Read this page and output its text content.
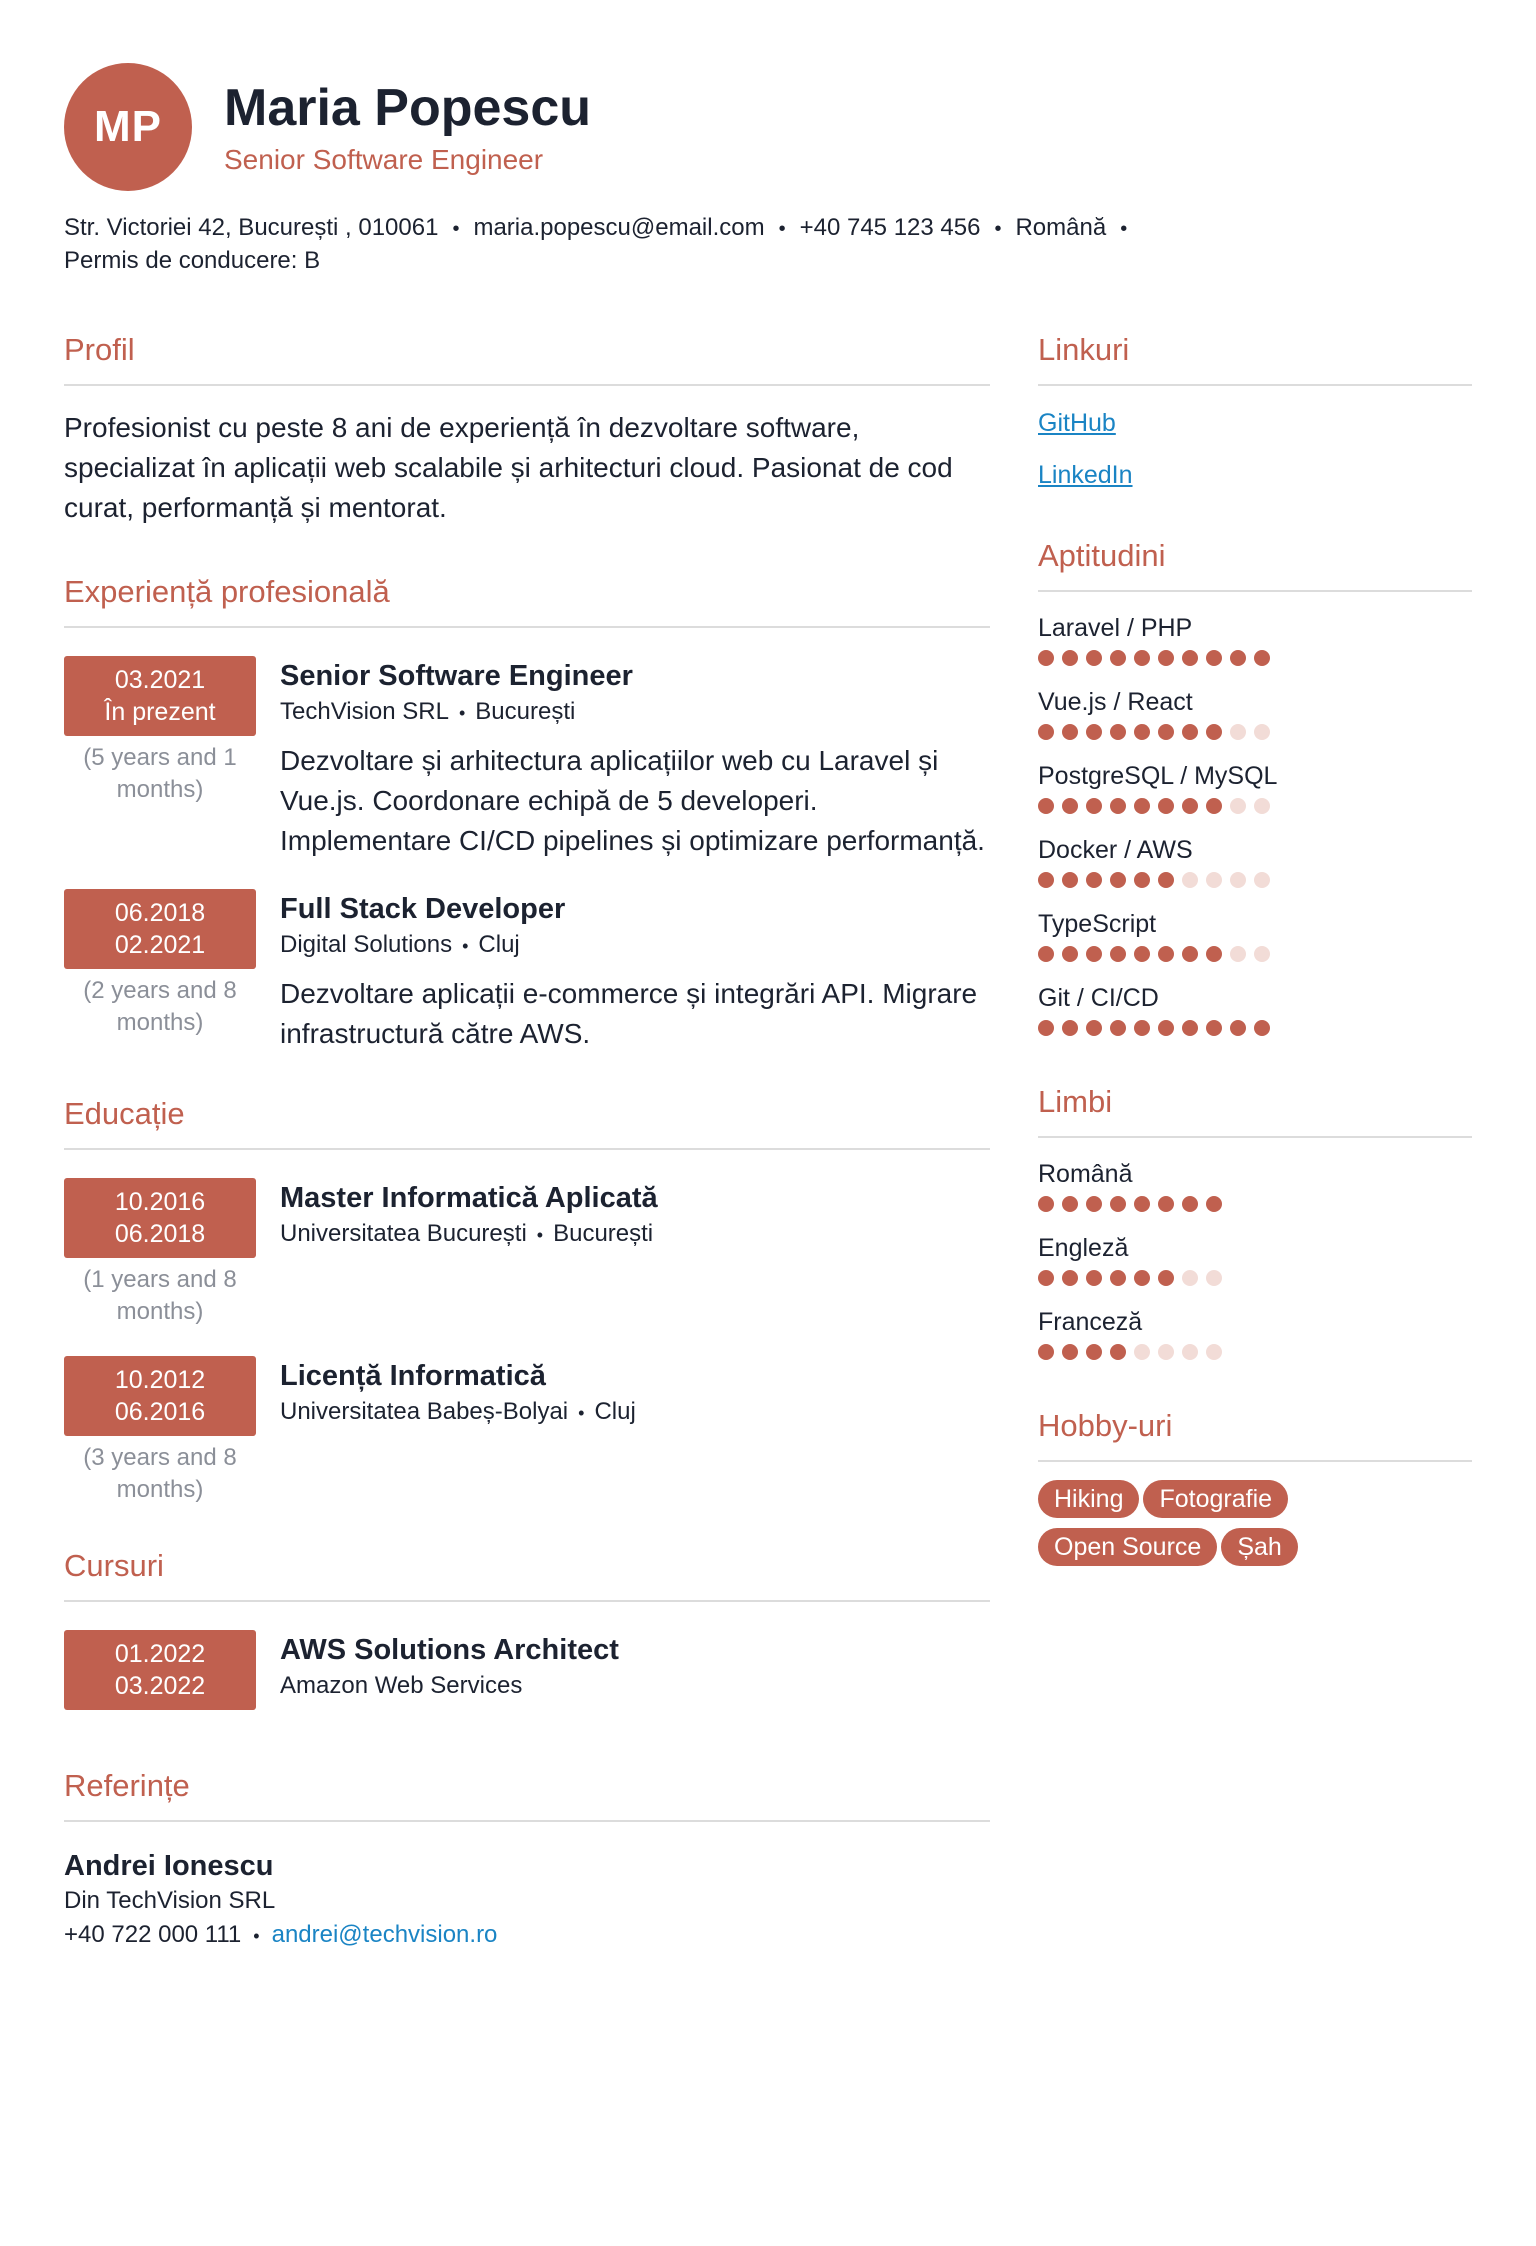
MP	Maria Popescu
Senior Software Engineer
Str. Victoriei 42, București , 010061 • maria.popescu@email.com • +40 745 123 456 • Română •
Permis de conducere: B
Profil
Profesionist cu peste 8 ani de experiență în dezvoltare software, specializat în aplicații web scalabile și arhitecturi cloud. Pasionat de cod curat, performanță și mentorat.
Experiență profesională
03.2021
În prezent
(5 years and 1 months)
Senior Software Engineer
TechVision SRL • București
Dezvoltare și arhitectura aplicațiilor web cu Laravel și Vue.js. Coordonare echipă de 5 developeri. Implementare CI/CD pipelines și optimizare performanță.
06.2018
02.2021
(2 years and 8 months)
Full Stack Developer
Digital Solutions • Cluj
Dezvoltare aplicații e-commerce și integrări API. Migrare infrastructură către AWS.
Educație
10.2016
06.2018
(1 years and 8 months)
Master Informatică Aplicată
Universitatea București • București
10.2012
06.2016
(3 years and 8 months)
Licență Informatică
Universitatea Babeș-Bolyai • Cluj
Cursuri
01.2022
03.2022
AWS Solutions Architect
Amazon Web Services
Referințe
Andrei Ionescu
Din TechVision SRL
+40 722 000 111 • andrei@techvision.ro
Linkuri
GitHub
LinkedIn
Aptitudini
Laravel / PHP
Vue.js / React
PostgreSQL / MySQL
Docker / AWS
TypeScript
Git / CI/CD
Limbi
Română
Engleză
Franceză
Hobby-uri
Hiking Fotografie
Open Source Șah
